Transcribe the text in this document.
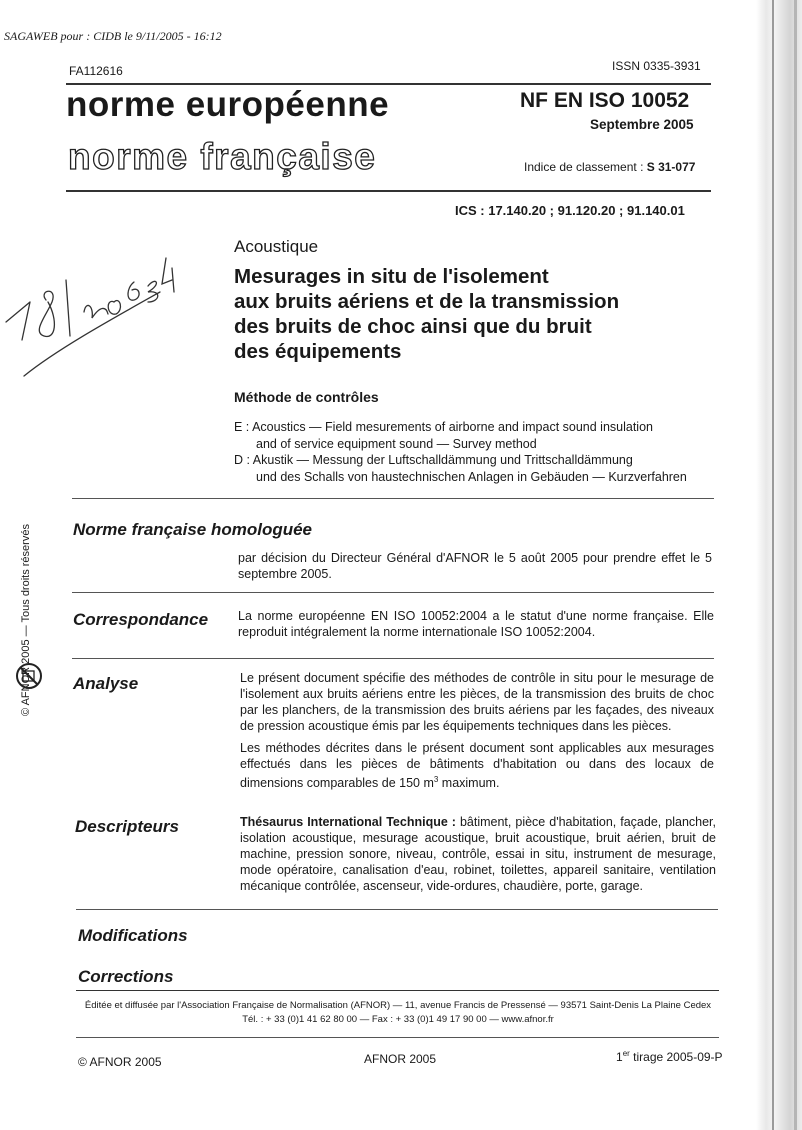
SAGAWEB pour : CIDB le 9/11/2005 - 16:12
FA112616	ISSN 0335-3931
norme européenne
norme française
NF EN ISO 10052
Septembre 2005
Indice de classement : S 31-077
ICS : 17.140.20 ; 91.120.20 ; 91.140.01
78 | 10 634	Acoustique
Mesurages in situ de l'isolement
aux bruits aériens et de la transmission
des bruits de choc ainsi que du bruit
des équipements
Méthode de contrôles
E : Acoustics — Field mesurements of airborne and impact sound insulation
and of service equipment sound — Survey method
D : Akustik — Messung der Luftschalldämmung und Trittschalldämmung
und des Schalls von haustechnischen Anlagen in Gebäuden — Kurzverfahren
© AFNOR 2005 — Tous droits réservés Norme française homologuée
par décision du Directeur Général d'AFNOR le 5 août 2005 pour prendre effet le 5 septembre 2005.
Correspondance La norme européenne EN ISO 10052:2004 a le statut d'une norme française. Elle reproduit intégralement la norme internationale ISO 10052:2004.
Analyse	Le présent document spécifie des méthodes de contrôle in situ pour le mesurage de l'isolement aux bruits aériens entre les pièces, de la transmission des bruits de choc par les planchers, de la transmission des bruits aériens par les façades, des niveaux de pression acoustique émis par les équipements techniques dans les pièces.
Les méthodes décrites dans le présent document sont applicables aux mesurages effectués dans les pièces de bâtiments d'habitation ou dans des locaux de dimensions comparables de 150 $m^3$ maximum.
Descripteurs	Thésaurus International Technique : bâtiment, pièce d'habitation, façade, plancher, isolation acoustique, mesurage acoustique, bruit acoustique, bruit aérien, bruit de machine, pression sonore, niveau, contrôle, essai in situ, instrument de mesurage, mode opératoire, canalisation d'eau, robinet, toilettes, appareil sanitaire, ventilation mécanique contrôlée, ascenseur, vide-ordures, chaudière, porte, garage.
Modifications
Corrections
Éditée et diffusée par l'Association Française de Normalisation (AFNOR) — 11, avenue Francis de Pressensé — 93571 Saint-Denis La Plaine Cedex
Tél. : + 33 (0)1 41 62 80 00 — Fax : + 33 (0)1 49 17 90 00 — www.afnor.fr
© AFNOR 2005	AFNOR 2005	1er tirage 2005-09-P
